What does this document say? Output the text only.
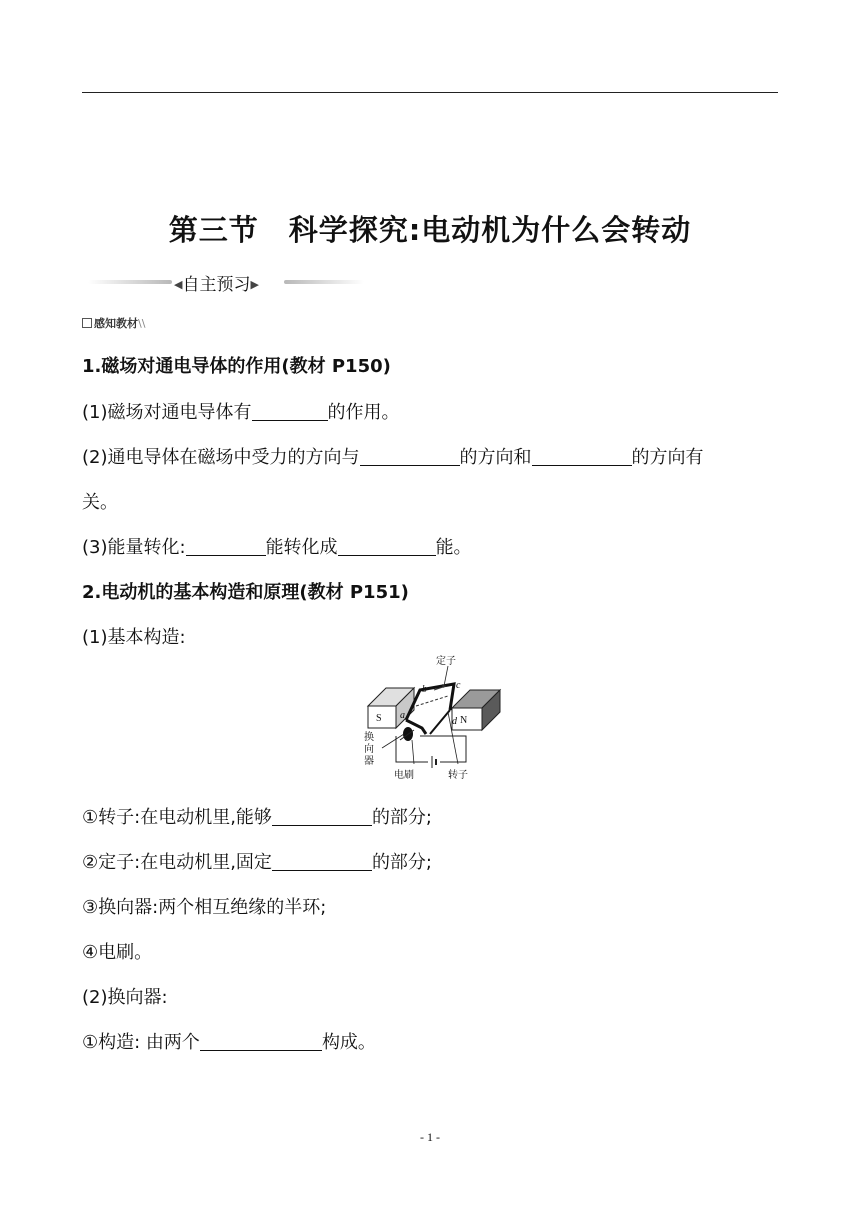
第三节 科学探究:电动机为什么会转动
◀自主预习▶
感知教材\\
1.磁场对通电导体的作用(教材 P150)
(1)磁场对通电导体有	的作用。
(2)通电导体在磁场中受力的方向与	的方向和	的方向有
关。
(3)能量转化:	能转化成	能。
2.电动机的基本构造和原理(教材 P151)
(1)基本构造:
定子
S	N
a
b	c
d
换
向
器
电刷	转子
①转子:在电动机里,能够	的部分;
②定子:在电动机里,固定	的部分;
③换向器:两个相互绝缘的半环;
④电刷。
(2)换向器:
①构造: 由两个	构成。
- 1 -
